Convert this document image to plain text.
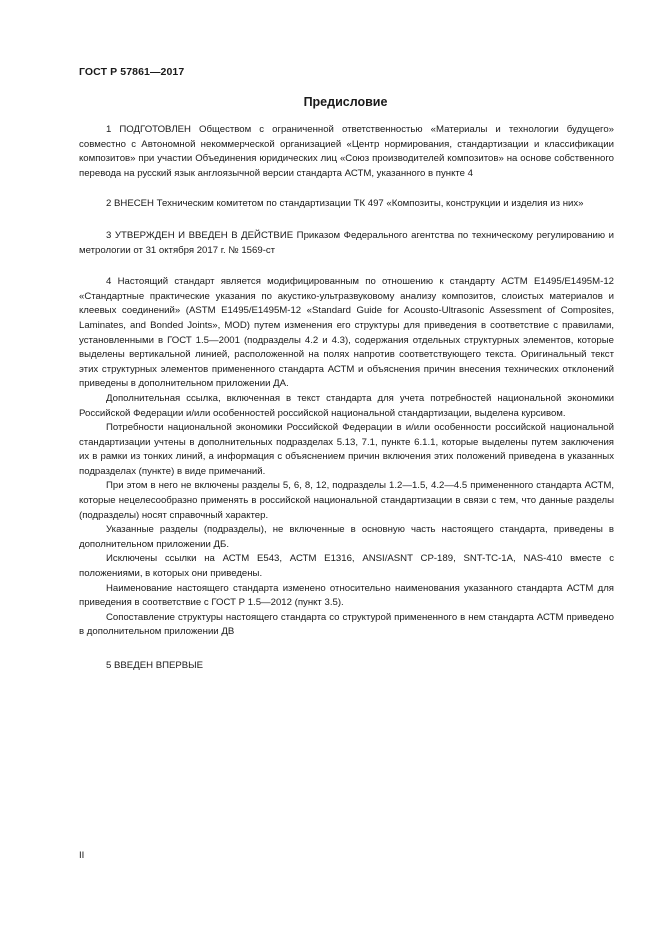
ГОСТ Р 57861—2017
Предисловие

1 ПОДГОТОВЛЕН Обществом с ограниченной ответственностью «Материалы и технологии будущего» совместно с Автономной некоммерческой организацией «Центр нормирования, стандартизации и классификации композитов» при участии Объединения юридических лиц «Союз производителей композитов» на основе собственного перевода на русский язык англоязычной версии стандарта АСТМ, указанного в пункте 4

2 ВНЕСЕН Техническим комитетом по стандартизации ТК 497 «Композиты, конструкции и изделия из них»

3 УТВЕРЖДЕН И ВВЕДЕН В ДЕЙСТВИЕ Приказом Федерального агентства по техническому регулированию и метрологии от 31 октября 2017 г. № 1569-ст

4 Настоящий стандарт является модифицированным по отношению к стандарту АСТМ Е1495/Е1495М-12 «Стандартные практические указания по акустико-ультразвуковому анализу композитов, слоистых материалов и клеевых соединений» (ASTM E1495/E1495M-12 «Standard Guide for Acousto-Ultrasonic Assessment of Composites, Laminates, and Bonded Joints», MOD) путем изменения его структуры для приведения в соответствие с правилами, установленными в ГОСТ 1.5—2001 (подразделы 4.2 и 4.3), содержания отдельных структурных элементов, которые выделены вертикальной линией, расположенной на полях напротив соответствующего текста. Оригинальный текст этих структурных элементов примененного стандарта АСТМ и объяснения причин внесения технических отклонений приведены в дополнительном приложении ДА.

Дополнительная ссылка, включенная в текст стандарта для учета потребностей национальной экономики Российской Федерации и/или особенностей российской национальной стандартизации, выделена курсивом.

Потребности национальной экономики Российской Федерации в и/или особенности российской национальной стандартизации учтены в дополнительных подразделах 5.13, 7.1, пункте 6.1.1, которые выделены путем заключения их в рамки из тонких линий, а информация с объяснением причин включения этих положений приведена в указанных подразделах (пункте) в виде примечаний.

При этом в него не включены разделы 5, 6, 8, 12, подразделы 1.2—1.5, 4.2—4.5 примененного стандарта АСТМ, которые нецелесообразно применять в российской национальной стандартизации в связи с тем, что данные разделы (подразделы) носят справочный характер.

Указанные разделы (подразделы), не включенные в основную часть настоящего стандарта, приведены в дополнительном приложении ДБ.

Исключены ссылки на АСТМ Е543, АСТМ Е1316, ANSI/ASNT CP-189, SNT-TC-1A, NAS-410 вместе с положениями, в которых они приведены.

Наименование настоящего стандарта изменено относительно наименования указанного стандарта АСТМ для приведения в соответствие с ГОСТ Р 1.5—2012 (пункт 3.5).

Сопоставление структуры настоящего стандарта со структурой примененного в нем стандарта АСТМ приведено в дополнительном приложении ДВ

5 ВВЕДЕН ВПЕРВЫЕ

II
